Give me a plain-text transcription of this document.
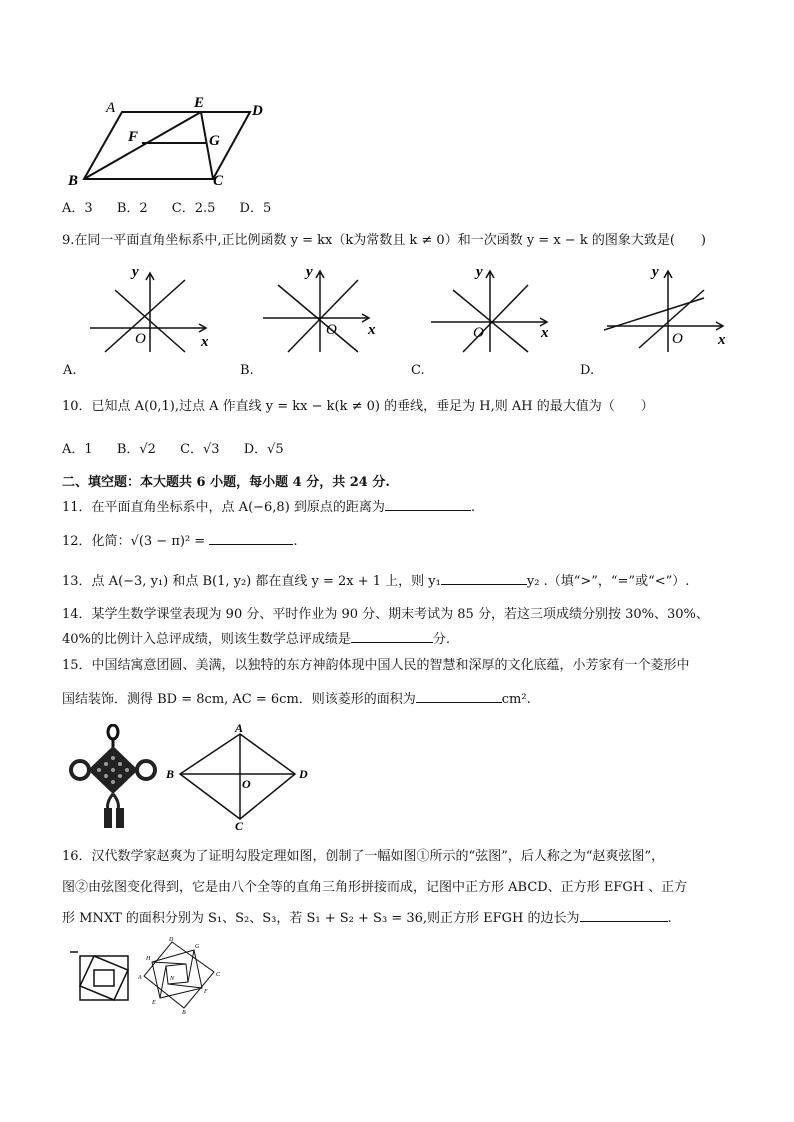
A	E	D
F	G
B	C
A．3 B．2 C．2.5 D．5
9.在同一平面直角坐标系中,正比例函数 y = kx（k为常数且 k ≠ 0）和一次函数 y = x − k 的图象大致是(　　)
y
x
O
A.
y
x
O
B.
y
x
O
C.
y
x
O
D.
10．已知点 A(0,1),过点 A 作直线 y = kx − k(k ≠ 0) 的垂线，垂足为 H,则 AH 的最大值为（　　）
A．1 B．√2 C．√3 D．√5
二、填空题：本大题共 6 小题，每小题 4 分，共 24 分.
11．在平面直角坐标系中，点 A(−6,8) 到原点的距离为	.
12．化简：√(3 − π)² =	.
13．点 A(−3, y₁) 和点 B(1, y₂) 都在直线 y = 2x + 1 上，则 y₁	y₂ .（填“>”，“=”或“<”）.
14．某学生数学课堂表现为 90 分、平时作业为 90 分、期末考试为 85 分，若这三项成绩分别按 30%、30%、
40%的比例计入总评成绩，则该生数学总评成绩是	分.
15．中国结寓意团圆、美满，以独特的东方神韵体现中国人民的智慧和深厚的文化底蕴，小芳家有一个菱形中
国结装饰．测得 BD = 8cm, AC = 6cm．则该菱形的面积为	cm².
A
B	D
O
C
16．汉代数学家赵爽为了证明勾股定理如图，创制了一幅如图①所示的“弦图”，后人称之为“赵爽弦图”，
图②由弦图变化得到，它是由八个全等的直角三角形拼接而成，记图中正方形 ABCD、正方形 EFGH 、正方
形 MNXT 的面积分别为 S₁、S₂、S₃，若 S₁ + S₂ + S₃ = 36,则正方形 EFGH 的边长为	.
D
C
B
A
H
G
F
E
N
